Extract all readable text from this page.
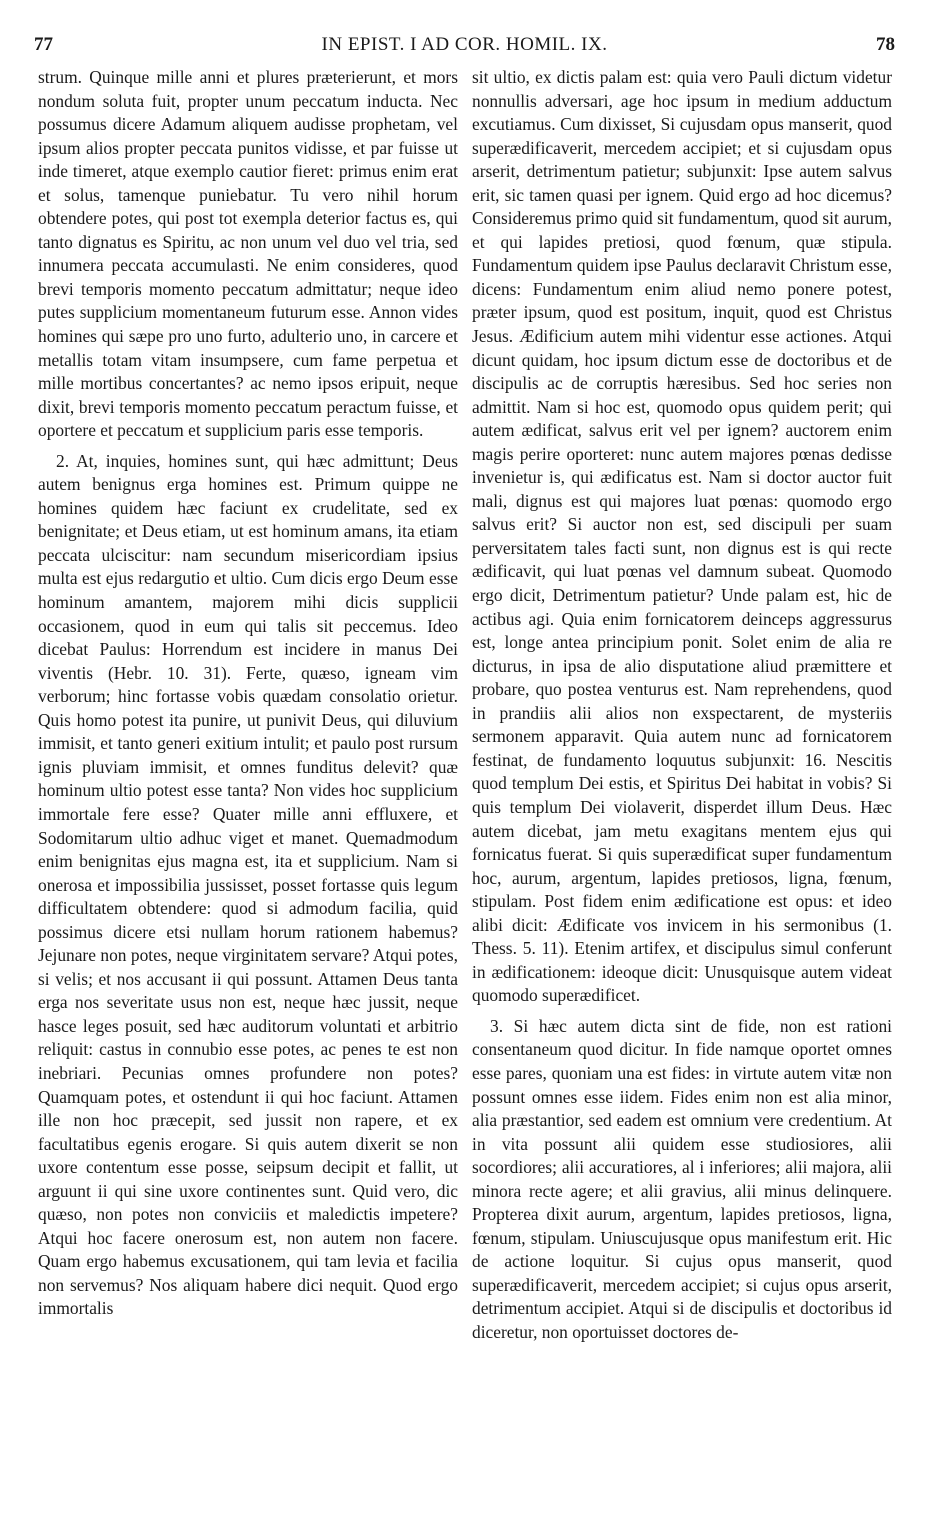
77	IN EPIST. I AD COR. HOMIL. IX.	78

strum. Quinque mille anni et plures præterierunt, et mors nondum soluta fuit, propter unum peccatum inducta. Nec possumus dicere Adamum aliquem audisse prophetam, vel ipsum alios propter peccata punitos vidisse, et par fuisse ut inde timeret, atque exemplo cautior fieret: primus enim erat et solus, tamenque puniebatur. Tu vero nihil horum obtendere potes, qui post tot exempla deterior factus es, qui tanto dignatus es Spiritu, ac non unum vel duo vel tria, sed innumera peccata accumulasti. Ne enim consideres, quod brevi temporis momento peccatum admittatur; neque ideo putes supplicium momentaneum futurum esse. Annon vides homines qui sæpe pro uno furto, adulterio uno, in carcere et metallis totam vitam insumpsere, cum fame perpetua et mille mortibus concertantes? ac nemo ipsos eripuit, neque dixit, brevi temporis momento peccatum peractum fuisse, et oportere et peccatum et supplicium paris esse temporis.

2. At, inquies, homines sunt, qui hæc admittunt; Deus autem benignus erga homines est. Primum quippe ne homines quidem hæc faciunt ex crudelitate, sed ex benignitate; et Deus etiam, ut est hominum amans, ita etiam peccata ulciscitur: nam secundum misericordiam ipsius multa est ejus redargutio et ultio. Cum dicis ergo Deum esse hominum amantem, majorem mihi dicis supplicii occasionem, quod in eum qui talis sit peccemus. Ideo dicebat Paulus: Horrendum est incidere in manus Dei viventis (Hebr. 10. 31). Ferte, quæso, igneam vim verborum; hinc fortasse vobis quædam consolatio orietur. Quis homo potest ita punire, ut punivit Deus, qui diluvium immisit, et tanto generi exitium intulit; et paulo post rursum ignis pluviam immisit, et omnes funditus delevit? quæ hominum ultio potest esse tanta? Non vides hoc supplicium immortale fere esse? Quater mille anni effluxere, et Sodomitarum ultio adhuc viget et manet. Quemadmodum enim benignitas ejus magna est, ita et supplicium. Nam si onerosa et impossibilia jussisset, posset fortasse quis legum difficultatem obtendere: quod si admodum facilia, quid possimus dicere etsi nullam horum rationem habemus? Jejunare non potes, neque virginitatem servare? Atqui potes, si velis; et nos accusant ii qui possunt. Attamen Deus tanta erga nos severitate usus non est, neque hæc jussit, neque hasce leges posuit, sed hæc auditorum voluntati et arbitrio reliquit: castus in connubio esse potes, ac penes te est non inebriari. Pecunias omnes profundere non potes? Quamquam potes, et ostendunt ii qui hoc faciunt. Attamen ille non hoc præcepit, sed jussit non rapere, et ex facultatibus egenis erogare. Si quis autem dixerit se non uxore contentum esse posse, seipsum decipit et fallit, ut arguunt ii qui sine uxore continentes sunt. Quid vero, dic quæso, non potes non conviciis et maledictis impetere? Atqui hoc facere onerosum est, non autem non facere. Quam ergo habemus excusationem, qui tam levia et facilia non servemus? Nos aliquam habere dici nequit. Quod ergo immortalis

sit ultio, ex dictis palam est: quia vero Pauli dictum videtur nonnullis adversari, age hoc ipsum in medium adductum excutiamus. Cum dixisset, Si cujusdam opus manserit, quod superædificaverit, mercedem accipiet; et si cujusdam opus arserit, detrimentum patietur; subjunxit: Ipse autem salvus erit, sic tamen quasi per ignem. Quid ergo ad hoc dicemus? Consideremus primo quid sit fundamentum, quod sit aurum, et qui lapides pretiosi, quod fœnum, quæ stipula. Fundamentum quidem ipse Paulus declaravit Christum esse, dicens: Fundamentum enim aliud nemo ponere potest, præter ipsum, quod est positum, inquit, quod est Christus Jesus. Ædificium autem mihi videntur esse actiones. Atqui dicunt quidam, hoc ipsum dictum esse de doctoribus et de discipulis ac de corruptis hæresibus. Sed hoc series non admittit. Nam si hoc est, quomodo opus quidem perit; qui autem ædificat, salvus erit vel per ignem? auctorem enim magis perire oporteret: nunc autem majores pœnas dedisse invenietur is, qui ædificatus est. Nam si doctor auctor fuit mali, dignus est qui majores luat pœnas: quomodo ergo salvus erit? Si auctor non est, sed discipuli per suam perversitatem tales facti sunt, non dignus est is qui recte ædificavit, qui luat pœnas vel damnum subeat. Quomodo ergo dicit, Detrimentum patietur? Unde palam est, hic de actibus agi. Quia enim fornicatorem deinceps aggressurus est, longe antea principium ponit. Solet enim de alia re dicturus, in ipsa de alio disputatione aliud præmittere et probare, quo postea venturus est. Nam reprehendens, quod in prandiis alii alios non exspectarent, de mysteriis sermonem apparavit. Quia autem nunc ad fornicatorem festinat, de fundamento loquutus subjunxit: 16. Nescitis quod templum Dei estis, et Spiritus Dei habitat in vobis? Si quis templum Dei violaverit, disperdet illum Deus. Hæc autem dicebat, jam metu exagitans mentem ejus qui fornicatus fuerat. Si quis superædificat super fundamentum hoc, aurum, argentum, lapides pretiosos, ligna, fœnum, stipulam. Post fidem enim ædificatione est opus: et ideo alibi dicit: Ædificate vos invicem in his sermonibus (1. Thess. 5. 11). Etenim artifex, et discipulus simul conferunt in ædificationem: ideoque dicit: Unusquisque autem videat quomodo superædificet.

3. Si hæc autem dicta sint de fide, non est rationi consentaneum quod dicitur. In fide namque oportet omnes esse pares, quoniam una est fides: in virtute autem vitæ non possunt omnes esse iidem. Fides enim non est alia minor, alia præstantior, sed eadem est omnium vere credentium. At in vita possunt alii quidem esse studiosiores, alii socordiores; alii accuratiores, al i inferiores; alii majora, alii minora recte agere; et alii gravius, alii minus delinquere. Propterea dixit aurum, argentum, lapides pretiosos, ligna, fœnum, stipulam. Uniuscujusque opus manifestum erit. Hic de actione loquitur. Si cujus opus manserit, quod superædificaverit, mercedem accipiet; si cujus opus arserit, detrimentum accipiet. Atqui si de discipulis et doctoribus id diceretur, non oportuisset doctores de-
